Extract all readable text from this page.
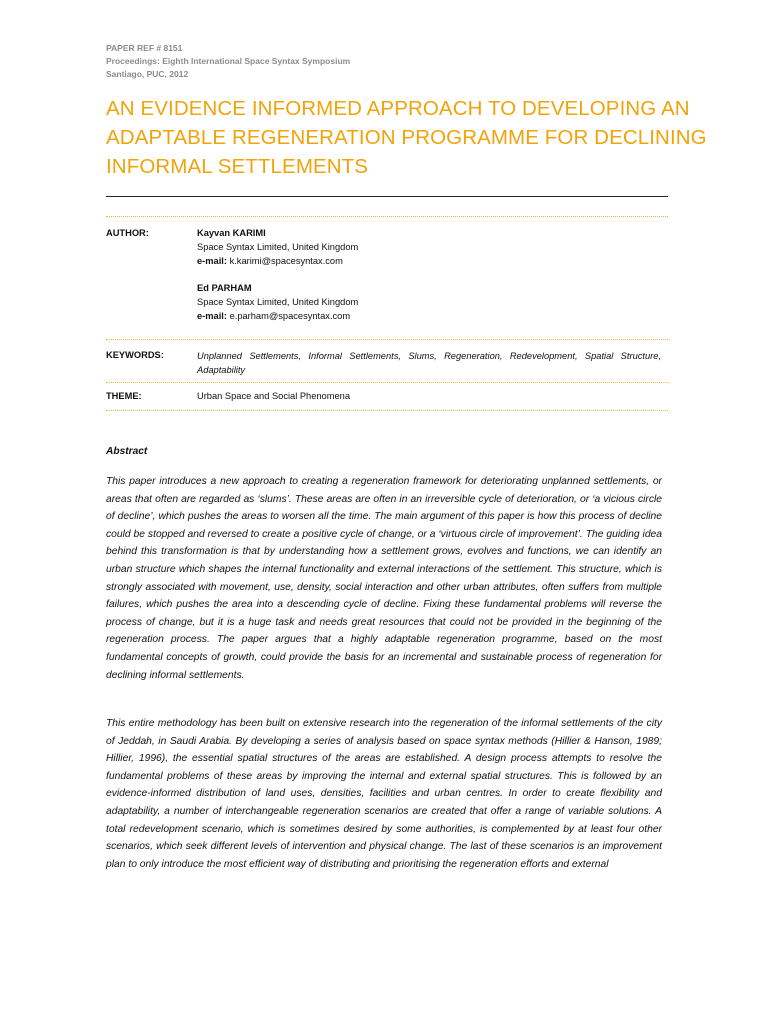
PAPER REF # 8151
Proceedings: Eighth International Space Syntax Symposium
Santiago, PUC, 2012
AN EVIDENCE INFORMED APPROACH TO DEVELOPING AN
ADAPTABLE REGENERATION PROGRAMME FOR DECLINING
INFORMAL SETTLEMENTS
AUTHOR:	Kayvan KARIMI
Space Syntax Limited, United Kingdom
e-mail: k.karimi@spacesyntax.com
Ed PARHAM
Space Syntax Limited, United Kingdom
e-mail: e.parham@spacesyntax.com
KEYWORDS:	Unplanned Settlements, Informal Settlements, Slums, Regeneration, Redevelopment, Spatial Structure, Adaptability
THEME:	Urban Space and Social Phenomena
Abstract

This paper introduces a new approach to creating a regeneration framework for deteriorating unplanned settlements, or areas that often are regarded as ‘slums’. These areas are often in an irreversible cycle of deterioration, or ‘a vicious circle of decline’, which pushes the areas to worsen all the time. The main argument of this paper is how this process of decline could be stopped and reversed to create a positive cycle of change, or a ‘virtuous circle of improvement’. The guiding idea behind this transformation is that by understanding how a settlement grows, evolves and functions, we can identify an urban structure which shapes the internal functionality and external interactions of the settlement. This structure, which is strongly associated with movement, use, density, social interaction and other urban attributes, often suffers from multiple failures, which pushes the area into a descending cycle of decline. Fixing these fundamental problems will reverse the process of change, but it is a huge task and needs great resources that could not be provided in the beginning of the regeneration process. The paper argues that a highly adaptable regeneration programme, based on the most fundamental concepts of growth, could provide the basis for an incremental and sustainable process of regeneration for declining informal settlements.

This entire methodology has been built on extensive research into the regeneration of the informal settlements of the city of Jeddah, in Saudi Arabia. By developing a series of analysis based on space syntax methods (Hillier & Hanson, 1989; Hillier, 1996), the essential spatial structures of the areas are established. A design process attempts to resolve the fundamental problems of these areas by improving the internal and external spatial structures. This is followed by an evidence-informed distribution of land uses, densities, facilities and urban centres. In order to create flexibility and adaptability, a number of interchangeable regeneration scenarios are created that offer a range of variable solutions. A total redevelopment scenario, which is sometimes desired by some authorities, is complemented by at least four other scenarios, which seek different levels of intervention and physical change. The last of these scenarios is an improvement plan to only introduce the most efficient way of distributing and prioritising the regeneration efforts and external
